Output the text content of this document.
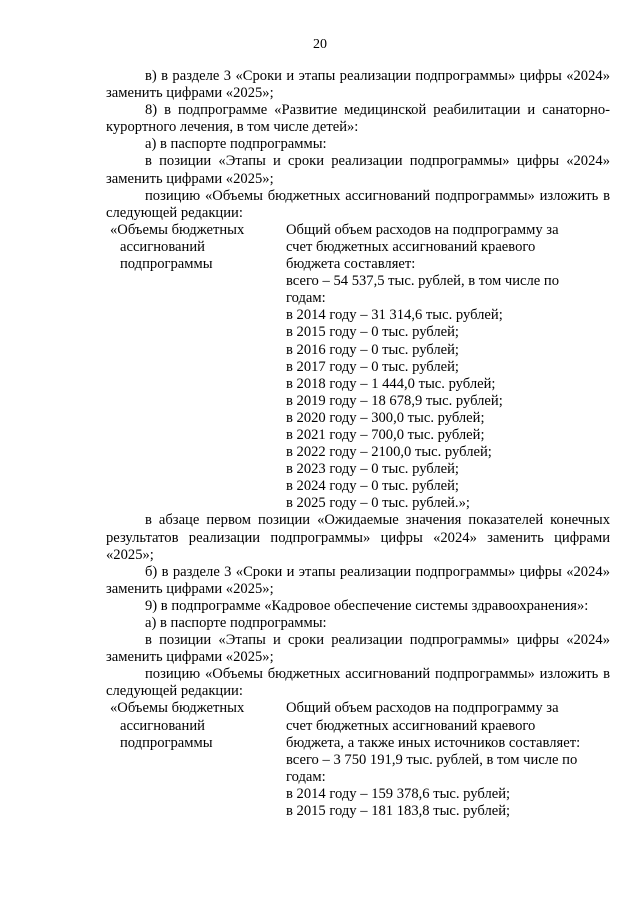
20

в) в разделе 3 «Сроки и этапы реализации подпрограммы» цифры «2024» заменить цифрами «2025»;

8) в подпрограмме «Развитие медицинской реабилитации и санаторно-курортного лечения, в том числе детей»:

а) в паспорте подпрограммы:

в позиции «Этапы и сроки реализации подпрограммы» цифры «2024» заменить цифрами «2025»;

позицию «Объемы бюджетных ассигнований подпрограммы» изложить в следующей редакции:

«Объемы бюджетных
ассигнований
подпрограммы
Общий объем расходов на подпрограмму за
счет бюджетных ассигнований краевого
бюджета составляет:
всего – 54 537,5 тыс. рублей, в том числе по
годам:
в 2014 году – 31 314,6 тыс. рублей;
в 2015 году – 0 тыс. рублей;
в 2016 году – 0 тыс. рублей;
в 2017 году – 0 тыс. рублей;
в 2018 году – 1 444,0 тыс. рублей;
в 2019 году – 18 678,9 тыс. рублей;
в 2020 году – 300,0 тыс. рублей;
в 2021 году – 700,0 тыс. рублей;
в 2022 году – 2100,0 тыс. рублей;
в 2023 году – 0 тыс. рублей;
в 2024 году – 0 тыс. рублей;
в 2025 году – 0 тыс. рублей.»;

в абзаце первом позиции «Ожидаемые значения показателей конечных результатов реализации подпрограммы» цифры «2024» заменить цифрами «2025»;

б) в разделе 3 «Сроки и этапы реализации подпрограммы» цифры «2024» заменить цифрами «2025»;

9) в подпрограмме «Кадровое обеспечение системы здравоохранения»:

а) в паспорте подпрограммы:

в позиции «Этапы и сроки реализации подпрограммы» цифры «2024» заменить цифрами «2025»;

позицию «Объемы бюджетных ассигнований подпрограммы» изложить в следующей редакции:

«Объемы бюджетных
ассигнований
подпрограммы
Общий объем расходов на подпрограмму за
счет бюджетных ассигнований краевого
бюджета, а также иных источников составляет:
всего – 3 750 191,9 тыс. рублей, в том числе по
годам:
в 2014 году – 159 378,6 тыс. рублей;
в 2015 году – 181 183,8 тыс. рублей;
